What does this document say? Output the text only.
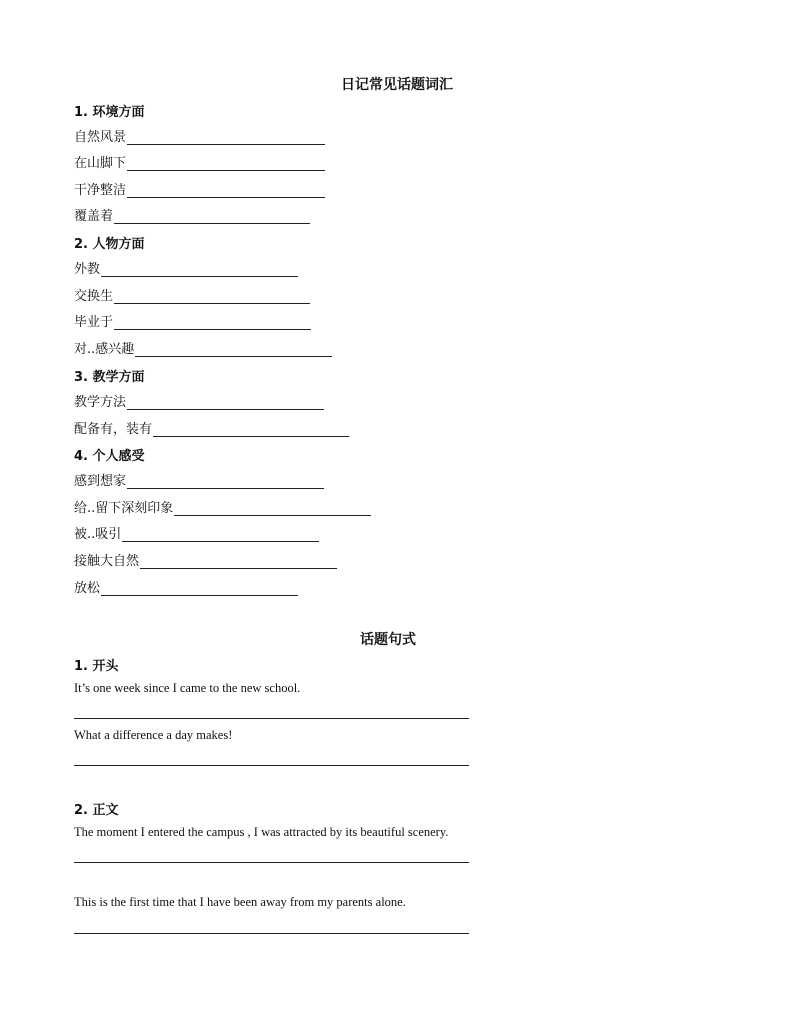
日记常见话题词汇
1. 环境方面
自然风景
在山脚下
干净整洁
覆盖着
2. 人物方面
外教
交换生
毕业于
对..感兴趣
3. 教学方面
教学方法
配备有，装有
4. 个人感受
感到想家
给..留下深刻印象
被..吸引
接触大自然
放松
话题句式
1. 开头
It’s one week since I came to the new school.
What a difference a day makes!
2. 正文
The moment I entered the campus , I was attracted by its beautiful scenery.
This is the first time that I have been away from my parents alone.
